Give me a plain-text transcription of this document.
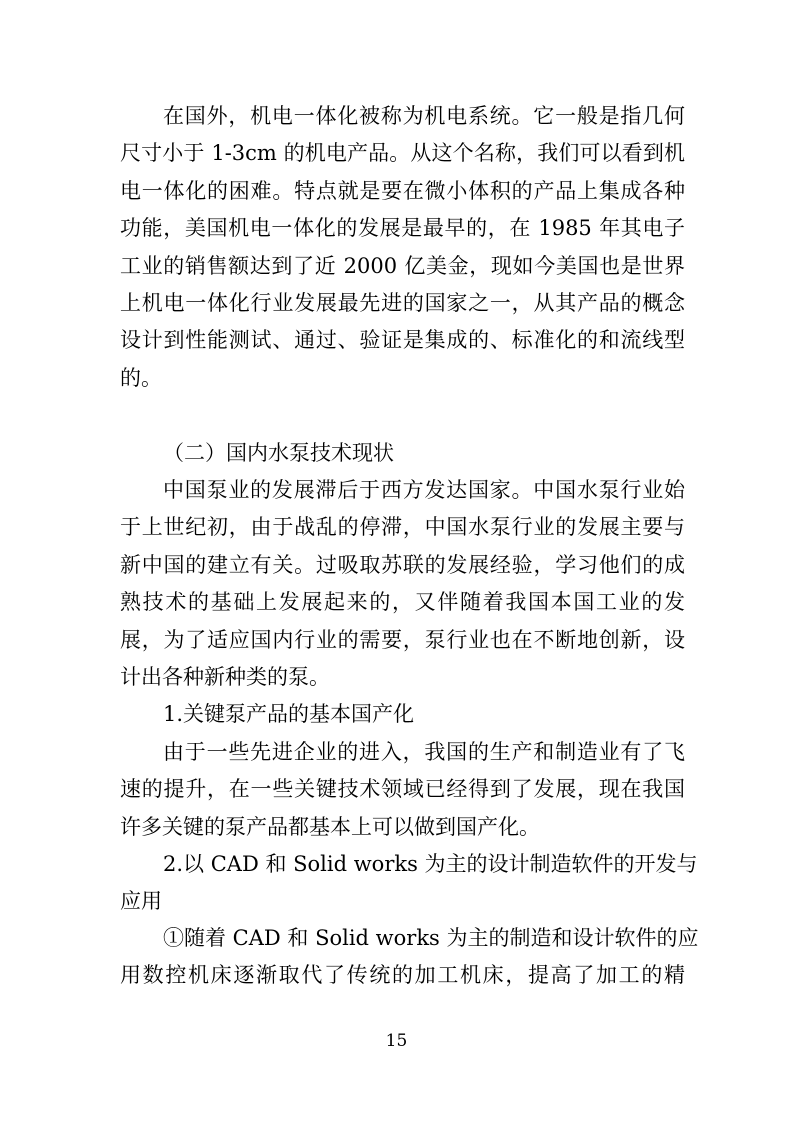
在国外，机电一体化被称为机电系统。它一般是指几何
尺寸小于 1-3cm 的机电产品。从这个名称，我们可以看到机
电一体化的困难。特点就是要在微小体积的产品上集成各种
功能，美国机电一体化的发展是最早的，在 1985 年其电子
工业的销售额达到了近 2000 亿美金，现如今美国也是世界
上机电一体化行业发展最先进的国家之一，从其产品的概念
设计到性能测试、通过、验证是集成的、标准化的和流线型
的。
（二）国内水泵技术现状
中国泵业的发展滞后于西方发达国家。中国水泵行业始
于上世纪初，由于战乱的停滞，中国水泵行业的发展主要与
新中国的建立有关。过吸取苏联的发展经验，学习他们的成
熟技术的基础上发展起来的，又伴随着我国本国工业的发
展，为了适应国内行业的需要，泵行业也在不断地创新，设
计出各种新种类的泵。
1.关键泵产品的基本国产化
由于一些先进企业的进入，我国的生产和制造业有了飞
速的提升，在一些关键技术领域已经得到了发展，现在我国
许多关键的泵产品都基本上可以做到国产化。
2.以 CAD 和 Solid works 为主的设计制造软件的开发与
应用
①随着 CAD 和 Solid works 为主的制造和设计软件的应
用数控机床逐渐取代了传统的加工机床，提高了加工的精
15
